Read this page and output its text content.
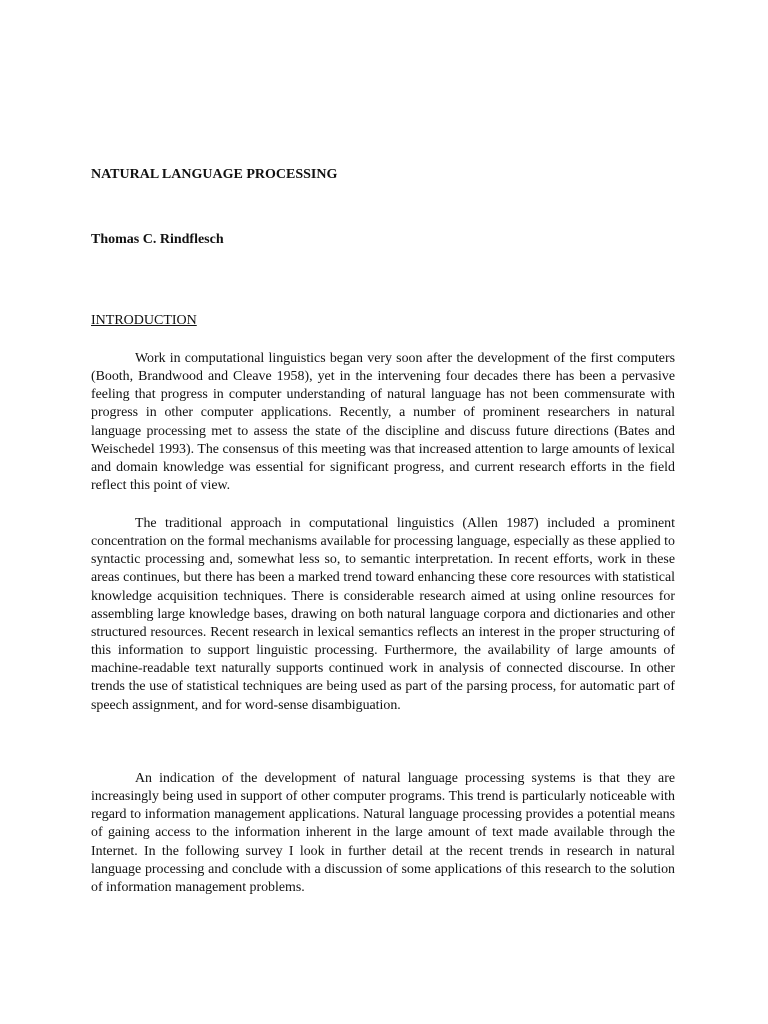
NATURAL LANGUAGE PROCESSING
Thomas C. Rindflesch
INTRODUCTION

Work in computational linguistics began very soon after the development of the first computers (Booth, Brandwood and Cleave 1958), yet in the intervening four decades there has been a pervasive feeling that progress in computer understanding of natural language has not been commensurate with progress in other computer applications. Recently, a number of prominent researchers in natural language processing met to assess the state of the discipline and discuss future directions (Bates and Weischedel 1993). The consensus of this meeting was that increased attention to large amounts of lexical and domain knowledge was essential for significant progress, and current research efforts in the field reflect this point of view.

The traditional approach in computational linguistics (Allen 1987) included a prominent concentration on the formal mechanisms available for processing language, especially as these applied to syntactic processing and, somewhat less so, to semantic interpretation. In recent efforts, work in these areas continues, but there has been a marked trend toward enhancing these core resources with statistical knowledge acquisition techniques. There is considerable research aimed at using online resources for assembling large knowledge bases, drawing on both natural language corpora and dictionaries and other structured resources. Recent research in lexical semantics reflects an interest in the proper structuring of this information to support linguistic processing. Furthermore, the availability of large amounts of machine-readable text naturally supports continued work in analysis of connected discourse. In other trends the use of statistical techniques are being used as part of the parsing process, for automatic part of speech assignment, and for word-sense disambiguation.

An indication of the development of natural language processing systems is that they are increasingly being used in support of other computer programs. This trend is particularly noticeable with regard to information management applications. Natural language processing provides a potential means of gaining access to the information inherent in the large amount of text made available through the Internet. In the following survey I look in further detail at the recent trends in research in natural language processing and conclude with a discussion of some applications of this research to the solution of information management problems.
